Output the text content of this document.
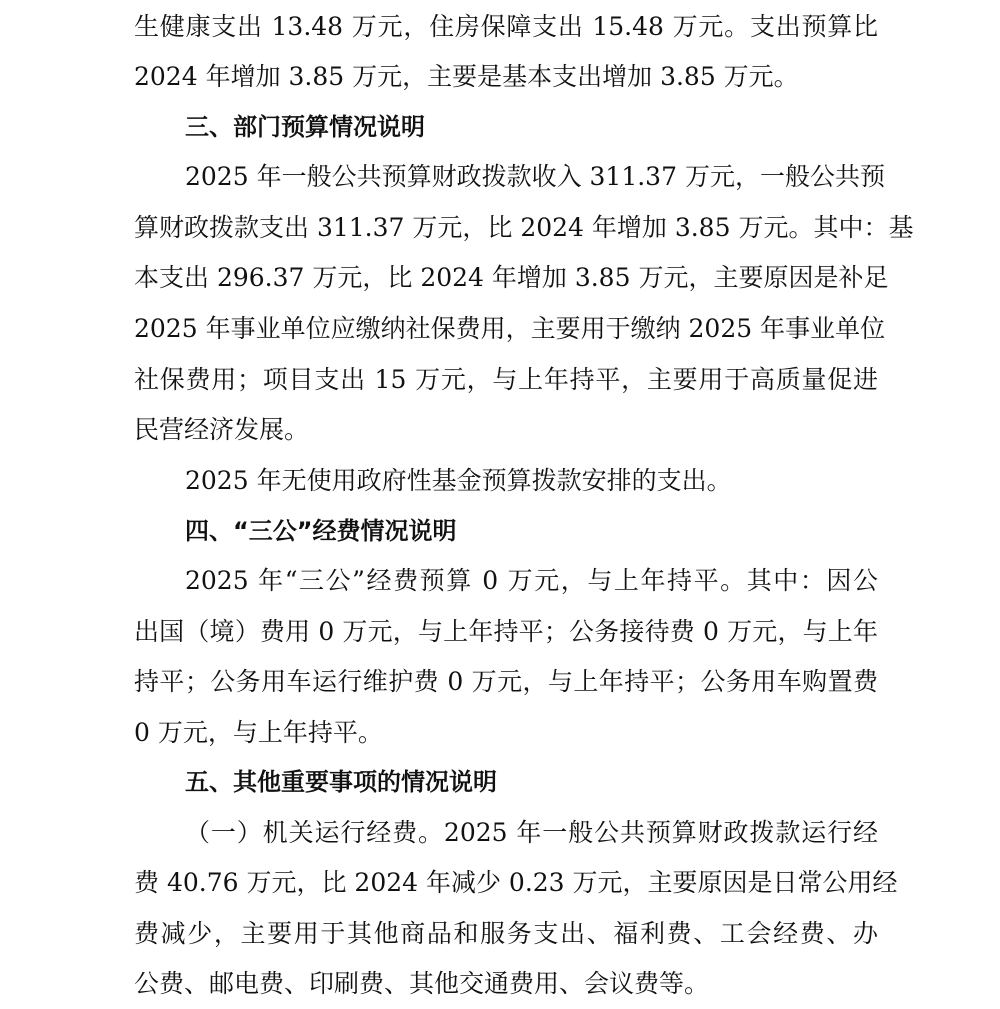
生健康支出 13.48 万元，住房保障支出 15.48 万元。支出预算比
2024 年增加 3.85 万元，主要是基本支出增加 3.85 万元。
三、部门预算情况说明
2025 年一般公共预算财政拨款收入 311.37 万元，一般公共预
算财政拨款支出 311.37 万元，比 2024 年增加 3.85 万元。其中：基
本支出 296.37 万元，比 2024 年增加 3.85 万元，主要原因是补足
2025 年事业单位应缴纳社保费用，主要用于缴纳 2025 年事业单位
社保费用；项目支出 15 万元，与上年持平，主要用于高质量促进
民营经济发展。
2025 年无使用政府性基金预算拨款安排的支出。
四、“三公”经费情况说明
2025 年“三公”经费预算 0 万元，与上年持平。其中：因公
出国（境）费用 0 万元，与上年持平；公务接待费 0 万元，与上年
持平；公务用车运行维护费 0 万元，与上年持平；公务用车购置费
0 万元，与上年持平。
五、其他重要事项的情况说明
（一）机关运行经费。2025 年一般公共预算财政拨款运行经
费 40.76 万元，比 2024 年减少 0.23 万元，主要原因是日常公用经
费减少，主要用于其他商品和服务支出、福利费、工会经费、办
公费、邮电费、印刷费、其他交通费用、会议费等。
